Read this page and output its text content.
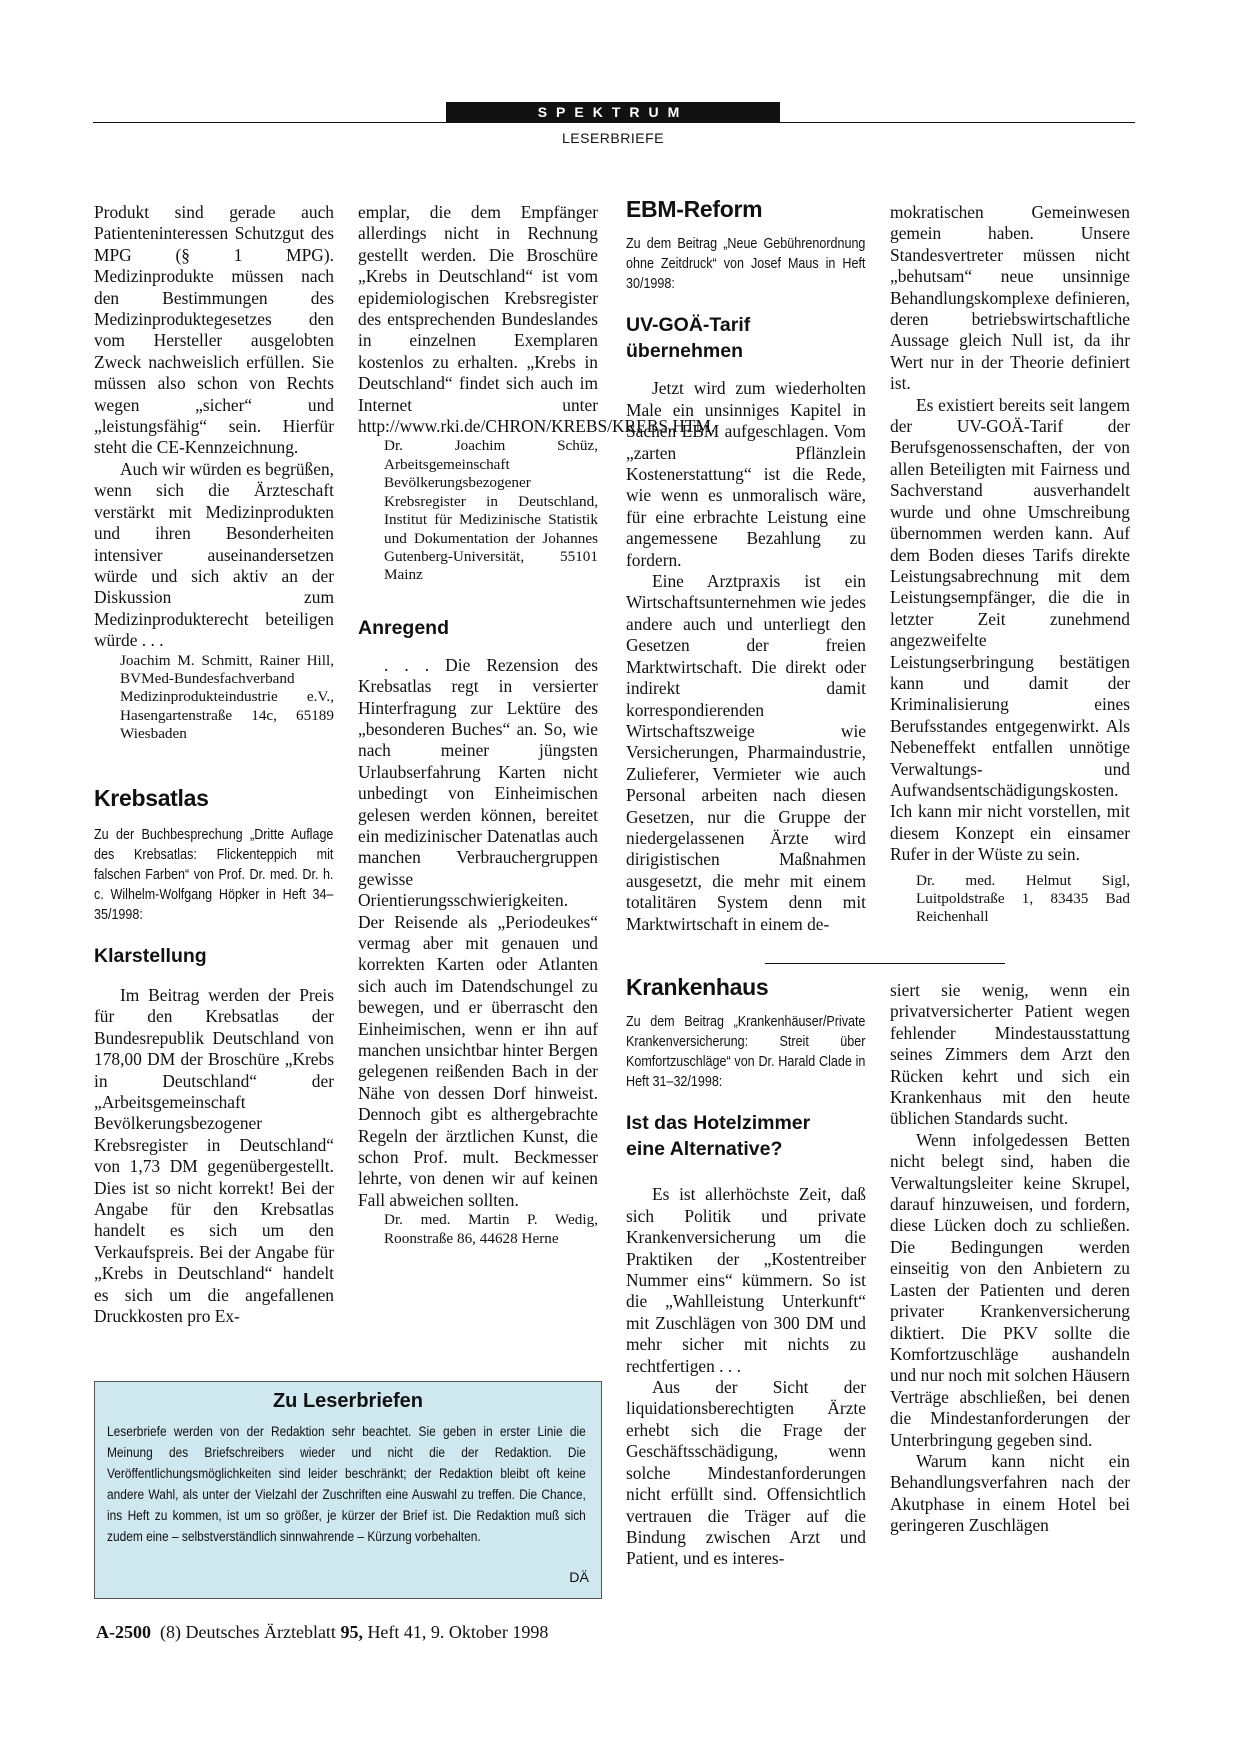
SPEKTRUM
LESERBRIEFE

Produkt sind gerade auch Patienteninteressen Schutzgut des MPG (§ 1 MPG). Medizinprodukte müssen nach den Bestimmungen des Medizinproduktegesetzes den vom Hersteller ausgelobten Zweck nachweislich erfüllen. Sie müssen also schon von Rechts wegen „sicher“ und „leistungsfähig“ sein. Hierfür steht die CE-Kennzeichnung.

Auch wir würden es begrüßen, wenn sich die Ärzteschaft verstärkt mit Medizinprodukten und ihren Besonderheiten intensiver auseinandersetzen würde und sich aktiv an der Diskussion zum Medizinprodukterecht beteiligen würde . . .

Joachim M. Schmitt, Rainer Hill, BVMed-Bundesfachverband Medizinprodukteindustrie e.V., Hasengartenstraße 14c, 65189 Wiesbaden

Krebsatlas

Zu der Buchbesprechung „Dritte Auflage des Krebsatlas: Flickenteppich mit falschen Farben“ von Prof. Dr. med. Dr. h. c. Wilhelm-Wolfgang Höpker in Heft 34–35/1998:

Klarstellung

Im Beitrag werden der Preis für den Krebsatlas der Bundesrepublik Deutschland von 178,00 DM der Broschüre „Krebs in Deutschland“ der „Arbeitsgemeinschaft Bevölkerungsbezogener Krebsregister in Deutschland“ von 1,73 DM gegenübergestellt. Dies ist so nicht korrekt! Bei der Angabe für den Krebsatlas handelt es sich um den Verkaufspreis. Bei der Angabe für „Krebs in Deutschland“ handelt es sich um die angefallenen Druckkosten pro Ex-

emplar, die dem Empfänger allerdings nicht in Rechnung gestellt werden. Die Broschüre „Krebs in Deutschland“ ist vom epidemiologischen Krebsregister des entsprechenden Bundeslandes in einzelnen Exemplaren kostenlos zu erhalten. „Krebs in Deutschland“ findet sich auch im Internet unter http://www.rki.de/CHRON/KREBS/KREBS.HTM.

Dr. Joachim Schüz, Arbeitsgemeinschaft Bevölkerungsbezogener Krebsregister in Deutschland, Institut für Medizinische Statistik und Dokumentation der Johannes Gutenberg-Universität, 55101 Mainz

Anregend

. . . Die Rezension des Krebsatlas regt in versierter Hinterfragung zur Lektüre des „besonderen Buches“ an. So, wie nach meiner jüngsten Urlaubserfahrung Karten nicht unbedingt von Einheimischen gelesen werden können, bereitet ein medizinischer Datenatlas auch manchen Verbrauchergruppen gewisse Orientierungsschwierigkeiten. Der Reisende als „Periodeukes“ vermag aber mit genauen und korrekten Karten oder Atlanten sich auch im Datendschungel zu bewegen, und er überrascht den Einheimischen, wenn er ihn auf manchen unsichtbar hinter Bergen gelegenen reißenden Bach in der Nähe von dessen Dorf hinweist. Dennoch gibt es althergebrachte Regeln der ärztlichen Kunst, die schon Prof. mult. Beckmesser lehrte, von denen wir auf keinen Fall abweichen sollten.

Dr. med. Martin P. Wedig, Roonstraße 86, 44628 Herne

EBM-Reform

Zu dem Beitrag „Neue Gebührenordnung ohne Zeitdruck“ von Josef Maus in Heft 30/1998:

UV-GOÄ-Tarif übernehmen

Jetzt wird zum wiederholten Male ein unsinniges Kapitel in Sachen EBM aufgeschlagen. Vom „zarten Pflänzlein Kostenerstattung“ ist die Rede, wie wenn es unmoralisch wäre, für eine erbrachte Leistung eine angemessene Bezahlung zu fordern.

Eine Arztpraxis ist ein Wirtschaftsunternehmen wie jedes andere auch und unterliegt den Gesetzen der freien Marktwirtschaft. Die direkt oder indirekt damit korrespondierenden Wirtschaftszweige wie Versicherungen, Pharmaindustrie, Zulieferer, Vermieter wie auch Personal arbeiten nach diesen Gesetzen, nur die Gruppe der niedergelassenen Ärzte wird dirigistischen Maßnahmen ausgesetzt, die mehr mit einem totalitären System denn mit Marktwirtschaft in einem de-

Krankenhaus

Zu dem Beitrag „Krankenhäuser/Private Krankenversicherung: Streit über Komfortzuschläge“ von Dr. Harald Clade in Heft 31–32/1998:

Ist das Hotelzimmer eine Alternative?

Es ist allerhöchste Zeit, daß sich Politik und private Krankenversicherung um die Praktiken der „Kostentreiber Nummer eins“ kümmern. So ist die „Wahlleistung Unterkunft“ mit Zuschlägen von 300 DM und mehr sicher mit nichts zu rechtfertigen . . .

Aus der Sicht der liquidationsberechtigten Ärzte erhebt sich die Frage der Geschäftsschädigung, wenn solche Mindestanforderungen nicht erfüllt sind. Offensichtlich vertrauen die Träger auf die Bindung zwischen Arzt und Patient, und es interes-

mokratischen Gemeinwesen gemein haben. Unsere Standesvertreter müssen nicht „behutsam“ neue unsinnige Behandlungskomplexe definieren, deren betriebswirtschaftliche Aussage gleich Null ist, da ihr Wert nur in der Theorie definiert ist.

Es existiert bereits seit langem der UV-GOÄ-Tarif der Berufsgenossenschaften, der von allen Beteiligten mit Fairness und Sachverstand ausverhandelt wurde und ohne Umschreibung übernommen werden kann. Auf dem Boden dieses Tarifs direkte Leistungsabrechnung mit dem Leistungsempfänger, die die in letzter Zeit zunehmend angezweifelte Leistungserbringung bestätigen kann und damit der Kriminalisierung eines Berufsstandes entgegenwirkt. Als Nebeneffekt entfallen unnötige Verwaltungs- und Aufwandsentschädigungskosten. Ich kann mir nicht vorstellen, mit diesem Konzept ein einsamer Rufer in der Wüste zu sein.

Dr. med. Helmut Sigl, Luitpoldstraße 1, 83435 Bad Reichenhall

siert sie wenig, wenn ein privatversicherter Patient wegen fehlender Mindestausstattung seines Zimmers dem Arzt den Rücken kehrt und sich ein Krankenhaus mit den heute üblichen Standards sucht.

Wenn infolgedessen Betten nicht belegt sind, haben die Verwaltungsleiter keine Skrupel, darauf hinzuweisen, und fordern, diese Lücken doch zu schließen. Die Bedingungen werden einseitig von den Anbietern zu Lasten der Patienten und deren privater Krankenversicherung diktiert. Die PKV sollte die Komfortzuschläge aushandeln und nur noch mit solchen Häusern Verträge abschließen, bei denen die Mindestanforderungen der Unterbringung gegeben sind.

Warum kann nicht ein Behandlungsverfahren nach der Akutphase in einem Hotel bei geringeren Zuschlägen

Zu Leserbriefen

Leserbriefe werden von der Redaktion sehr beachtet. Sie geben in erster Linie die Meinung des Briefschreibers wieder und nicht die der Redaktion. Die Veröffentlichungsmöglichkeiten sind leider beschränkt; der Redaktion bleibt oft keine andere Wahl, als unter der Vielzahl der Zuschriften eine Auswahl zu treffen. Die Chance, ins Heft zu kommen, ist um so größer, je kürzer der Brief ist. Die Redaktion muß sich zudem eine – selbstverständlich sinnwahrende – Kürzung vorbehalten.

DÄ
A-2500 (8) Deutsches Ärzteblatt 95, Heft 41, 9. Oktober 1998
